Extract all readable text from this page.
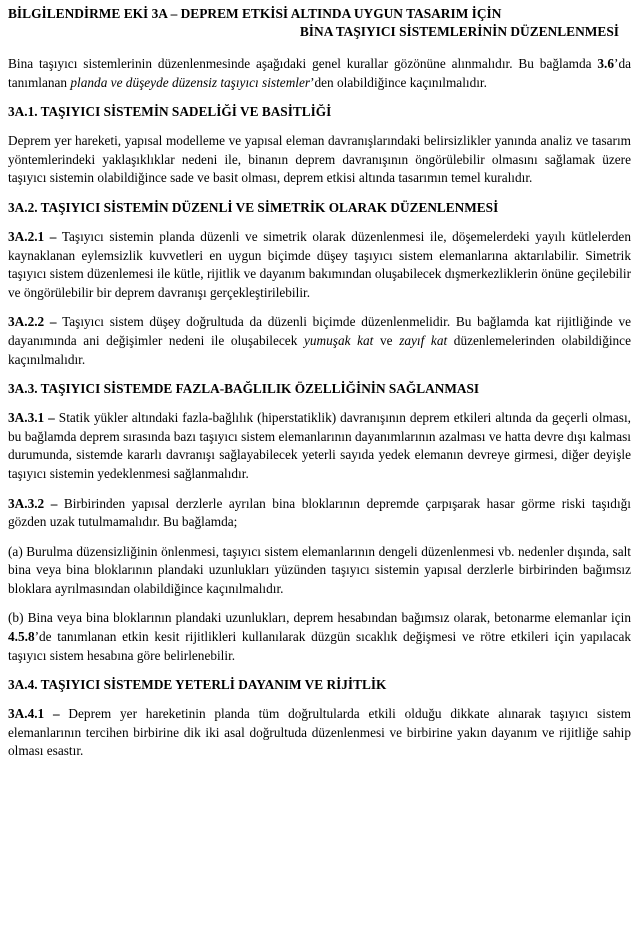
BİLGİLENDİRME EKİ 3A – DEPREM ETKİSİ ALTINDA UYGUN TASARIM İÇİN
BİNA TAŞIYICI SİSTEMLERİNİN DÜZENLENMESİ

Bina taşıyıcı sistemlerinin düzenlenmesinde aşağıdaki genel kurallar gözönüne alınmalıdır. Bu bağlamda 3.6’da tanımlanan planda ve düşeyde düzensiz taşıyıcı sistemler’den olabildiğince kaçınılmalıdır.

3A.1. TAŞIYICI SİSTEMİN SADELİĞİ VE BASİTLİĞİ

Deprem yer hareketi, yapısal modelleme ve yapısal eleman davranışlarındaki belirsizlikler yanında analiz ve tasarım yöntemlerindeki yaklaşıklıklar nedeni ile, binanın deprem davranışının öngörülebilir olmasını sağlamak üzere taşıyıcı sistemin olabildiğince sade ve basit olması, deprem etkisi altında tasarımın temel kuralıdır.

3A.2. TAŞIYICI SİSTEMİN DÜZENLİ VE SİMETRİK OLARAK DÜZENLENMESİ

3A.2.1 – Taşıyıcı sistemin planda düzenli ve simetrik olarak düzenlenmesi ile, döşemelerdeki yayılı kütlelerden kaynaklanan eylemsizlik kuvvetleri en uygun biçimde düşey taşıyıcı sistem elemanlarına aktarılabilir. Simetrik taşıyıcı sistem düzenlemesi ile kütle, rijitlik ve dayanım bakımından oluşabilecek dışmerkezliklerin önüne geçilebilir ve öngörülebilir bir deprem davranışı gerçekleştirilebilir.

3A.2.2 – Taşıyıcı sistem düşey doğrultuda da düzenli biçimde düzenlenmelidir. Bu bağlamda kat rijitliğinde ve dayanımında ani değişimler nedeni ile oluşabilecek yumuşak kat ve zayıf kat düzenlemelerinden olabildiğince kaçınılmalıdır.

3A.3. TAŞIYICI SİSTEMDE FAZLA-BAĞLILIK ÖZELLİĞİNİN SAĞLANMASI

3A.3.1 – Statik yükler altındaki fazla-bağlılık (hiperstatiklik) davranışının deprem etkileri altında da geçerli olması, bu bağlamda deprem sırasında bazı taşıyıcı sistem elemanlarının dayanımlarının azalması ve hatta devre dışı kalması durumunda, sistemde kararlı davranışı sağlayabilecek yeterli sayıda yedek elemanın devreye girmesi, diğer deyişle taşıyıcı sistemin yedeklenmesi sağlanmalıdır.

3A.3.2 – Birbirinden yapısal derzlerle ayrılan bina bloklarının depremde çarpışarak hasar görme riski taşıdığı gözden uzak tutulmamalıdır. Bu bağlamda;

(a) Burulma düzensizliğinin önlenmesi, taşıyıcı sistem elemanlarının dengeli düzenlenmesi vb. nedenler dışında, salt bina veya bina bloklarının plandaki uzunlukları yüzünden taşıyıcı sistemin yapısal derzlerle birbirinden bağımsız bloklara ayrılmasından olabildiğince kaçınılmalıdır.

(b) Bina veya bina bloklarının plandaki uzunlukları, deprem hesabından bağımsız olarak, betonarme elemanlar için 4.5.8’de tanımlanan etkin kesit rijitlikleri kullanılarak düzgün sıcaklık değişmesi ve rötre etkileri için yapılacak taşıyıcı sistem hesabına göre belirlenebilir.

3A.4. TAŞIYICI SİSTEMDE YETERLİ DAYANIM VE RİJİTLİK

3A.4.1 – Deprem yer hareketinin planda tüm doğrultularda etkili olduğu dikkate alınarak taşıyıcı sistem elemanlarının tercihen birbirine dik iki asal doğrultuda düzenlenmesi ve birbirine yakın dayanım ve rijitliğe sahip olması esastır.
